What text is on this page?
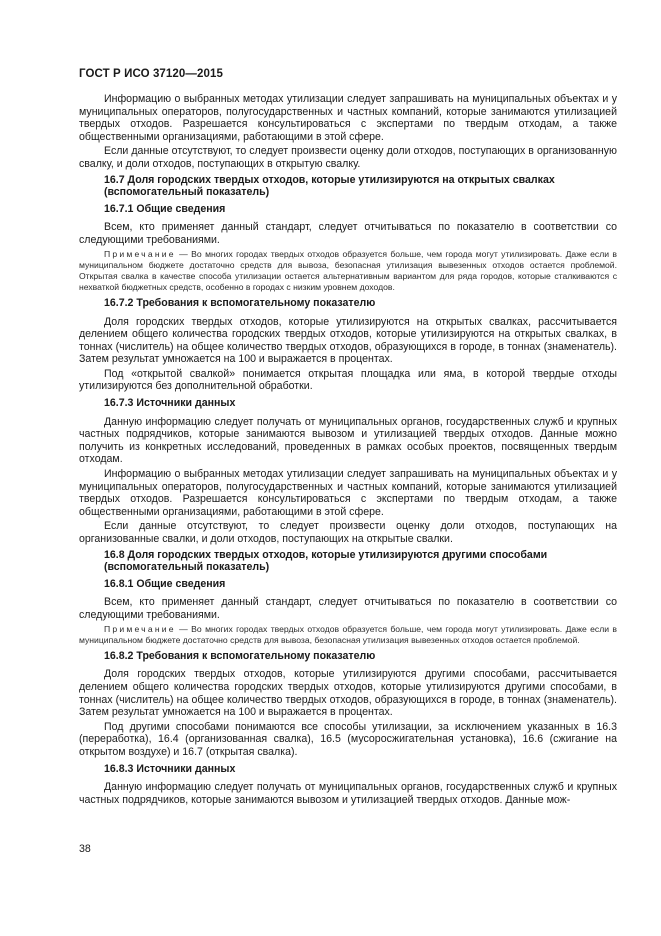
ГОСТ Р ИСО 37120—2015

Информацию о выбранных методах утилизации следует запрашивать на муниципальных объектах и у муниципальных операторов, полугосударственных и частных компаний, которые занимаются утилизацией твердых отходов. Разрешается консультироваться с экспертами по твердым отходам, а также общественными организациями, работающими в этой сфере.

Если данные отсутствуют, то следует произвести оценку доли отходов, поступающих в организованную свалку, и доли отходов, поступающих в открытую свалку.

16.7 Доля городских твердых отходов, которые утилизируются на открытых свалках (вспомогательный показатель)
16.7.1 Общие сведения

Всем, кто применяет данный стандарт, следует отчитываться по показателю в соответствии со следующими требованиями.

Примечание — Во многих городах твердых отходов образуется больше, чем города могут утилизировать. Даже если в муниципальном бюджете достаточно средств для вывоза, безопасная утилизация вывезенных отходов остается проблемой. Открытая свалка в качестве способа утилизации остается альтернативным вариантом для ряда городов, которые сталкиваются с нехваткой бюджетных средств, особенно в городах с низким уровнем доходов.

16.7.2 Требования к вспомогательному показателю

Доля городских твердых отходов, которые утилизируются на открытых свалках, рассчитывается делением общего количества городских твердых отходов, которые утилизируются на открытых свалках, в тоннах (числитель) на общее количество твердых отходов, образующихся в городе, в тоннах (знаменатель). Затем результат умножается на 100 и выражается в процентах.

Под «открытой свалкой» понимается открытая площадка или яма, в которой твердые отходы утилизируются без дополнительной обработки.

16.7.3 Источники данных

Данную информацию следует получать от муниципальных органов, государственных служб и крупных частных подрядчиков, которые занимаются вывозом и утилизацией твердых отходов. Данные можно получить из конкретных исследований, проведенных в рамках особых проектов, посвященных твердым отходам.

Информацию о выбранных методах утилизации следует запрашивать на муниципальных объектах и у муниципальных операторов, полугосударственных и частных компаний, которые занимаются утилизацией твердых отходов. Разрешается консультироваться с экспертами по твердым отходам, а также общественными организациями, работающими в этой сфере.

Если данные отсутствуют, то следует произвести оценку доли отходов, поступающих на организованные свалки, и доли отходов, поступающих на открытые свалки.

16.8 Доля городских твердых отходов, которые утилизируются другими способами (вспомогательный показатель)
16.8.1 Общие сведения

Всем, кто применяет данный стандарт, следует отчитываться по показателю в соответствии со следующими требованиями.

Примечание — Во многих городах твердых отходов образуется больше, чем города могут утилизировать. Даже если в муниципальном бюджете достаточно средств для вывоза, безопасная утилизация вывезенных отходов остается проблемой.

16.8.2 Требования к вспомогательному показателю

Доля городских твердых отходов, которые утилизируются другими способами, рассчитывается делением общего количества городских твердых отходов, которые утилизируются другими способами, в тоннах (числитель) на общее количество твердых отходов, образующихся в городе, в тоннах (знаменатель). Затем результат умножается на 100 и выражается в процентах.

Под другими способами понимаются все способы утилизации, за исключением указанных в 16.3 (переработка), 16.4 (организованная свалка), 16.5 (мусоросжигательная установка), 16.6 (сжигание на открытом воздухе) и 16.7 (открытая свалка).

16.8.3 Источники данных

Данную информацию следует получать от муниципальных органов, государственных служб и крупных частных подрядчиков, которые занимаются вывозом и утилизацией твердых отходов. Данные мож-

38
